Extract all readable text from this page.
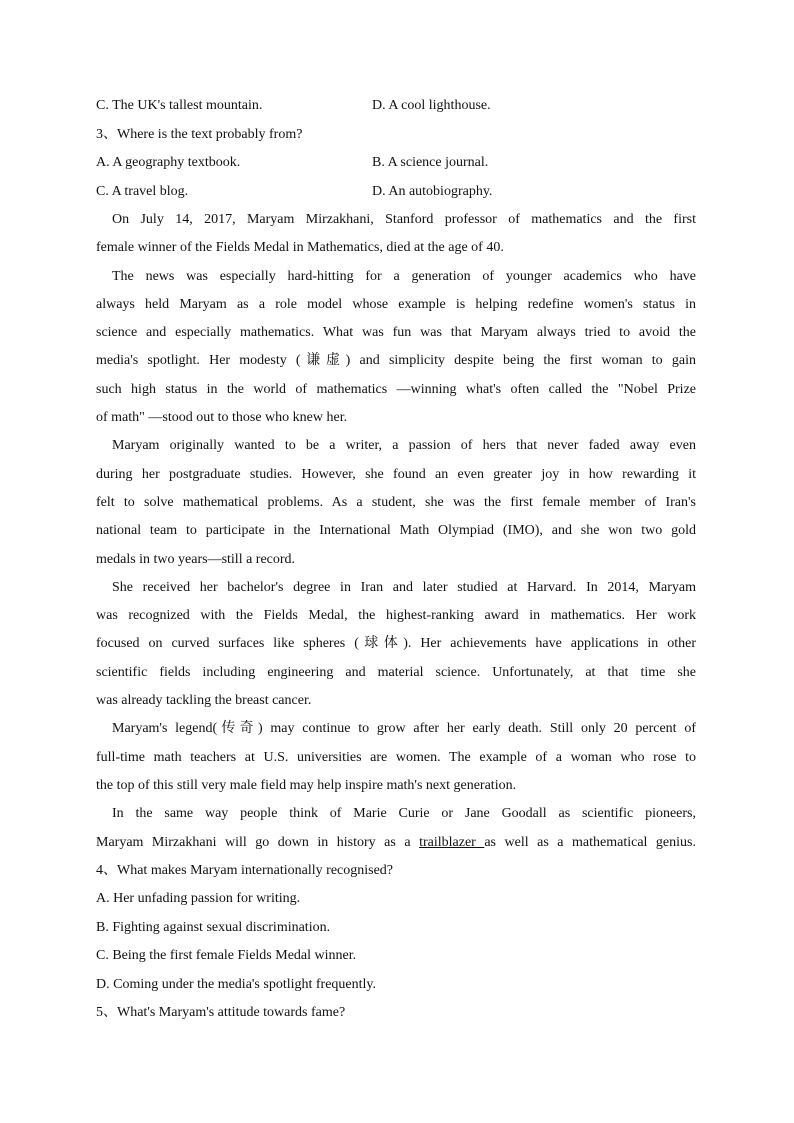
C. The UK's tallest mountain.	D. A cool lighthouse.
3、Where is the text probably from?
A. A geography textbook.	B. A science journal.
C. A travel blog.	D. An autobiography.
On July 14, 2017, Maryam Mirzakhani, Stanford professor of mathematics and the first
female winner of the Fields Medal in Mathematics, died at the age of 40.
The news was especially hard-hitting for a generation of younger academics who have
always held Maryam as a role model whose example is helping redefine women's status in
science and especially mathematics. What was fun was that Maryam always tried to avoid the
media's spotlight. Her modesty (谦虚) and simplicity despite being the first woman to gain
such high status in the world of mathematics —winning what's often called the "Nobel Prize
of math" —stood out to those who knew her.
Maryam originally wanted to be a writer, a passion of hers that never faded away even
during her postgraduate studies. However, she found an even greater joy in how rewarding it
felt to solve mathematical problems. As a student, she was the first female member of Iran's
national team to participate in the International Math Olympiad (IMO), and she won two gold
medals in two years—still a record.
She received her bachelor's degree in Iran and later studied at Harvard. In 2014, Maryam
was recognized with the Fields Medal, the highest-ranking award in mathematics. Her work
focused on curved surfaces like spheres (球体). Her achievements have applications in other
scientific fields including engineering and material science. Unfortunately, at that time she
was already tackling the breast cancer.
Maryam's legend(传奇) may continue to grow after her early death. Still only 20 percent of
full-time math teachers at U.S. universities are women. The example of a woman who rose to
the top of this still very male field may help inspire math's next generation.
In the same way people think of Marie Curie or Jane Goodall as scientific pioneers,
Maryam Mirzakhani will go down in history as a trailblazer as well as a mathematical genius.
4、What makes Maryam internationally recognised?
A. Her unfading passion for writing.
B. Fighting against sexual discrimination.
C. Being the first female Fields Medal winner.
D. Coming under the media's spotlight frequently.
5、What's Maryam's attitude towards fame?
